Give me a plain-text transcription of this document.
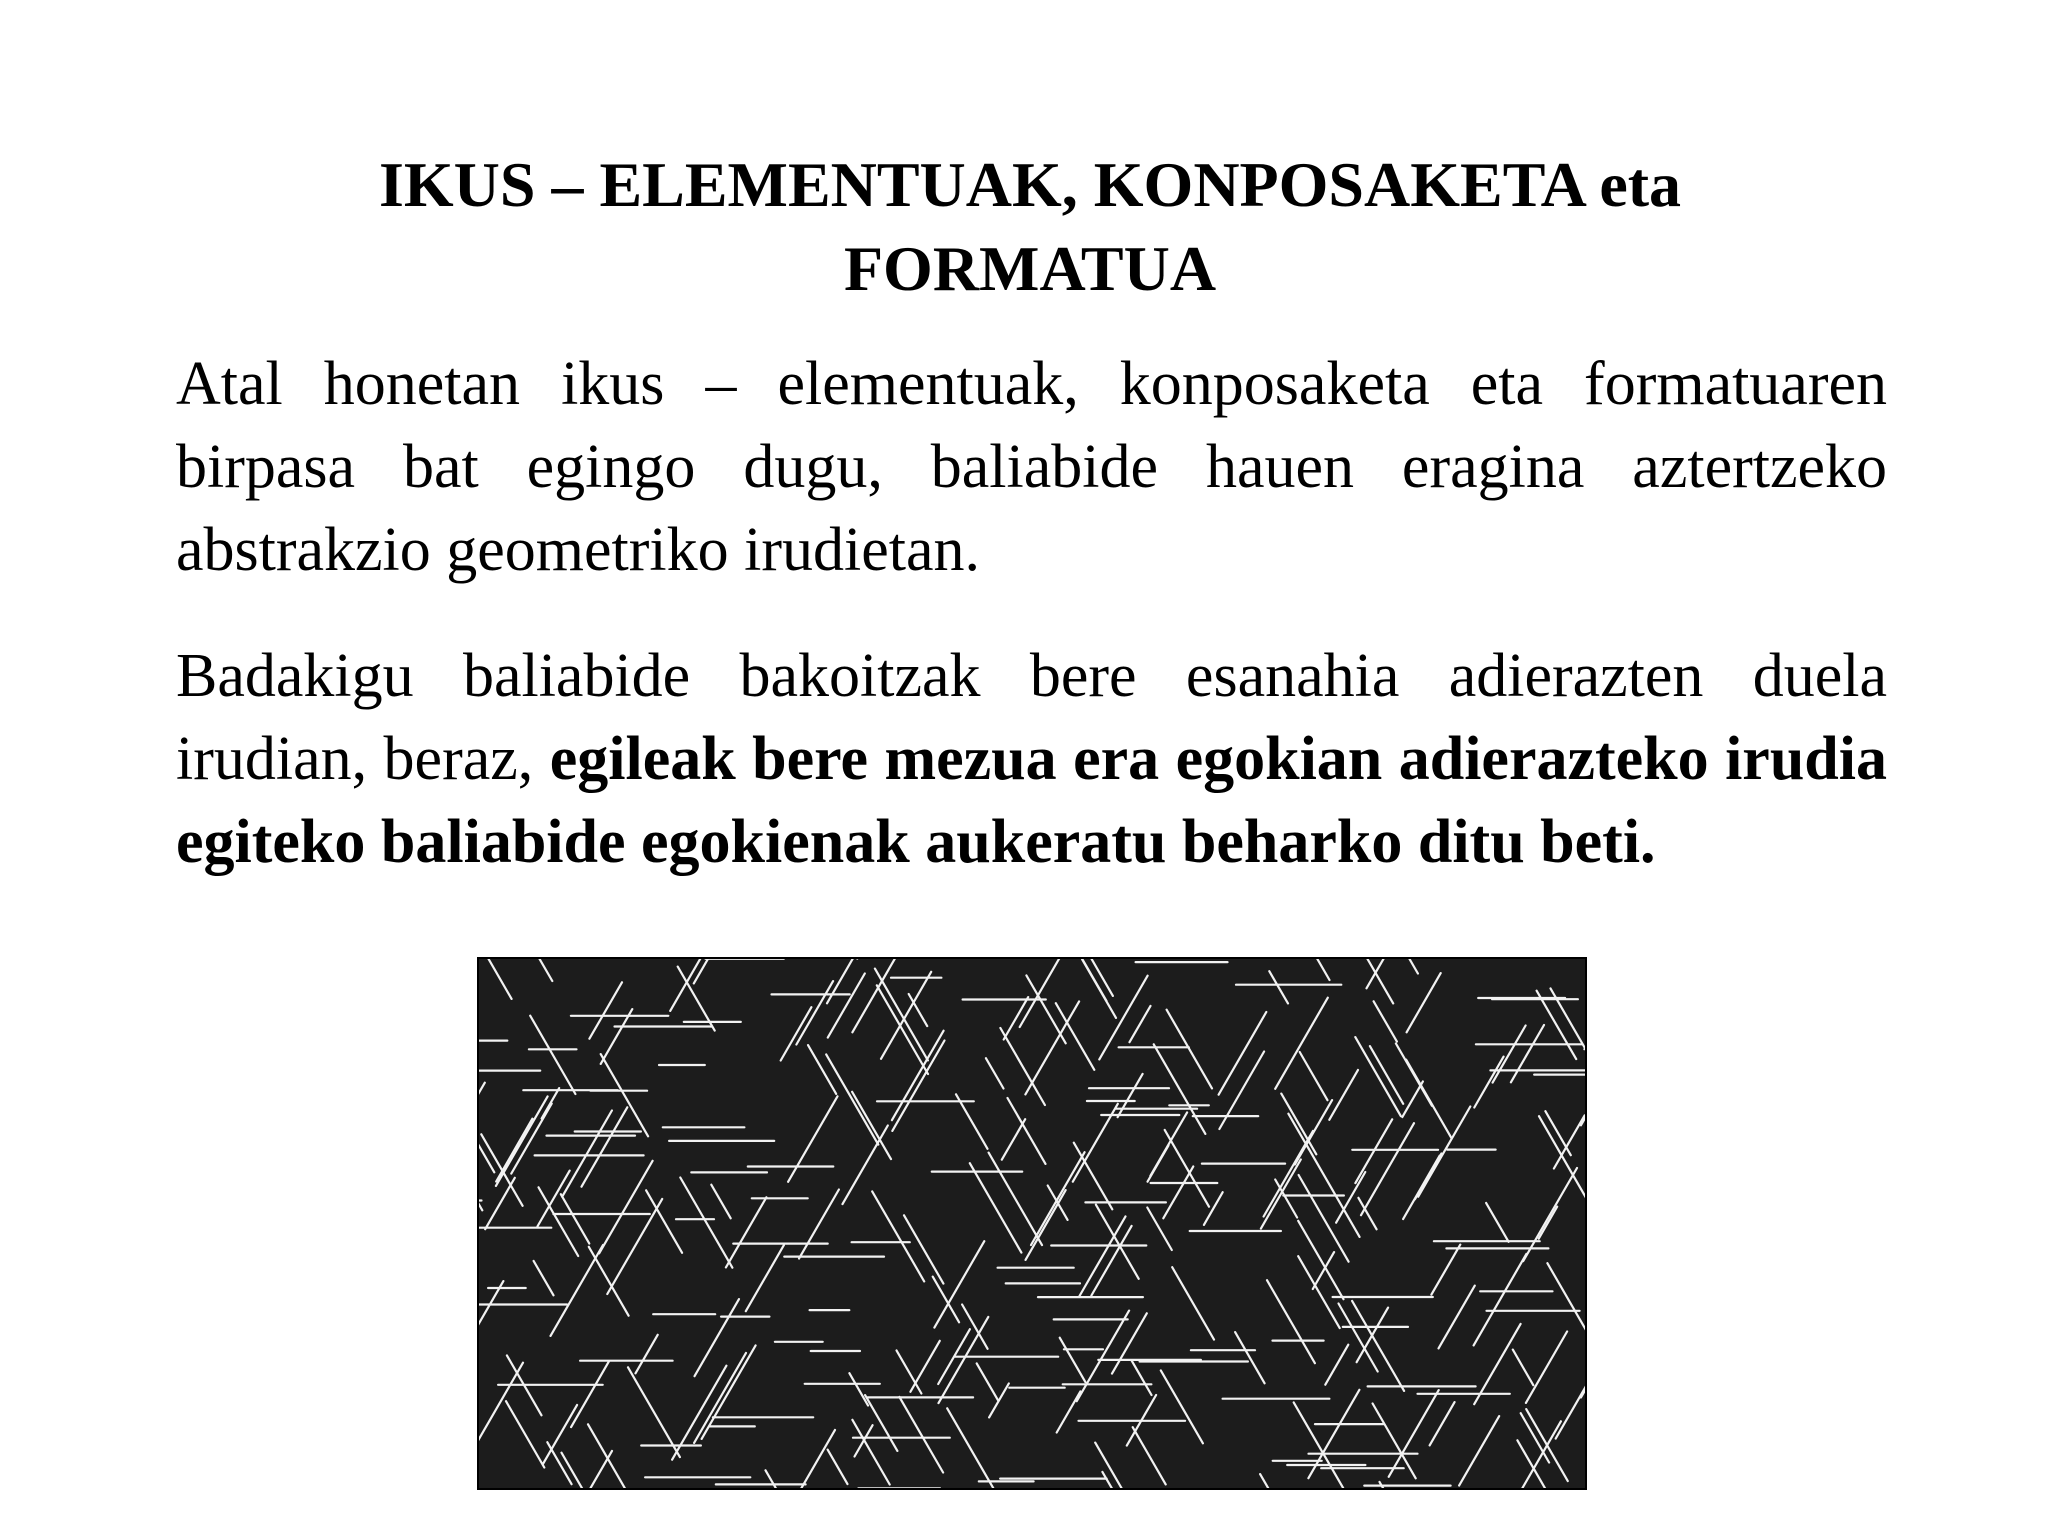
IKUS – ELEMENTUAK, KONPOSAKETA eta
FORMATUA

Atal honetan ikus – elementuak, konposaketa eta formatuaren birpasa bat egingo dugu, baliabide hauen eragina aztertzeko abstrakzio geometriko irudietan.

Badakigu baliabide bakoitzak bere esanahia adierazten duela irudian, beraz, egileak bere mezua era egokian adierazteko irudia egiteko baliabide egokienak aukeratu beharko ditu beti.
